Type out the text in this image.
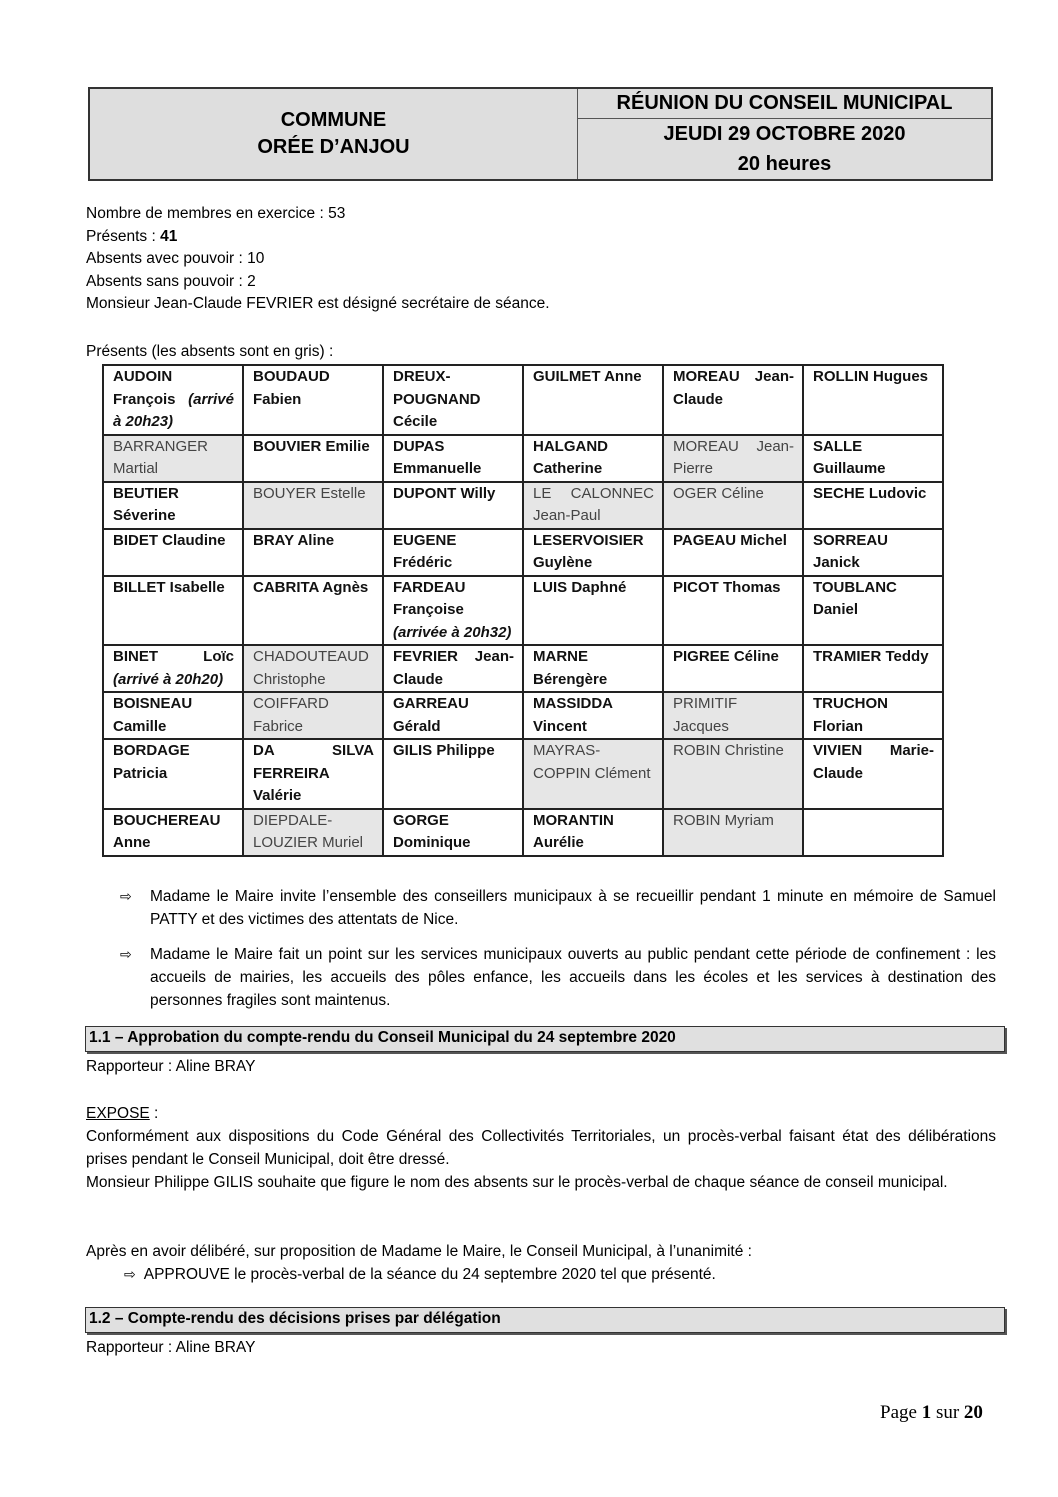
COMMUNE
ORÉE D’ANJOU
RÉUNION DU CONSEIL MUNICIPAL
JEUDI 29 OCTOBRE 2020
20 heures
Nombre de membres en exercice : 53
Présents : 41
Absents avec pouvoir : 10
Absents sans pouvoir : 2
Monsieur Jean-Claude FEVRIER est désigné secrétaire de séance.
Présents (les absents sont en gris) :
AUDOIN François (arrivé à 20h23)	BOUDAUD Fabien	DREUX-POUGNAND Cécile	GUILMET Anne	MOREAU Jean-Claude	ROLLIN Hugues
BARRANGER Martial	BOUVIER Emilie	DUPAS Emmanuelle	HALGAND Catherine	MOREAU Jean-Pierre	SALLE Guillaume
BEUTIER Séverine	BOUYER Estelle	DUPONT Willy	LE CALONNEC Jean-Paul	OGER Céline	SECHE Ludovic
BIDET Claudine	BRAY Aline	EUGENE Frédéric	LESERVOISIER Guylène	PAGEAU Michel	SORREAU Janick
BILLET Isabelle	CABRITA Agnès	FARDEAU Françoise (arrivée à 20h32)	LUIS Daphné	PICOT Thomas	TOUBLANC Daniel
BINET Loïc (arrivé à 20h20)	CHADOUTEAUD Christophe	FEVRIER Jean-Claude	MARNE Bérengère	PIGREE Céline	TRAMIER Teddy
BOISNEAU Camille	COIFFARD Fabrice	GARREAU Gérald	MASSIDDA Vincent	PRIMITIF Jacques	TRUCHON Florian
BORDAGE Patricia	DA SILVA FERREIRA Valérie	GILIS Philippe	MAYRAS-COPPIN Clément	ROBIN Christine	VIVIEN Marie-Claude
BOUCHEREAU Anne	DIEPDALE-LOUZIER Muriel	GORGE Dominique	MORANTIN Aurélie	ROBIN Myriam	
⇨	Madame le Maire invite l’ensemble des conseillers municipaux à se recueillir pendant 1 minute en mémoire de Samuel PATTY et des victimes des attentats de Nice.
⇨	Madame le Maire fait un point sur les services municipaux ouverts au public pendant cette période de confinement : les accueils de mairies, les accueils des pôles enfance, les accueils dans les écoles et les services à destination des personnes fragiles sont maintenus.
1.1 – Approbation du compte-rendu du Conseil Municipal du 24 septembre 2020
Rapporteur : Aline BRAY
EXPOSE :
Conformément aux dispositions du Code Général des Collectivités Territoriales, un procès-verbal faisant état des délibérations prises pendant le Conseil Municipal, doit être dressé.
Monsieur Philippe GILIS souhaite que figure le nom des absents sur le procès-verbal de chaque séance de conseil municipal.
Après en avoir délibéré, sur proposition de Madame le Maire, le Conseil Municipal, à l’unanimité :
⇨ APPROUVE le procès-verbal de la séance du 24 septembre 2020 tel que présenté.
1.2 – Compte-rendu des décisions prises par délégation
Rapporteur : Aline BRAY
Page 1 sur 20
